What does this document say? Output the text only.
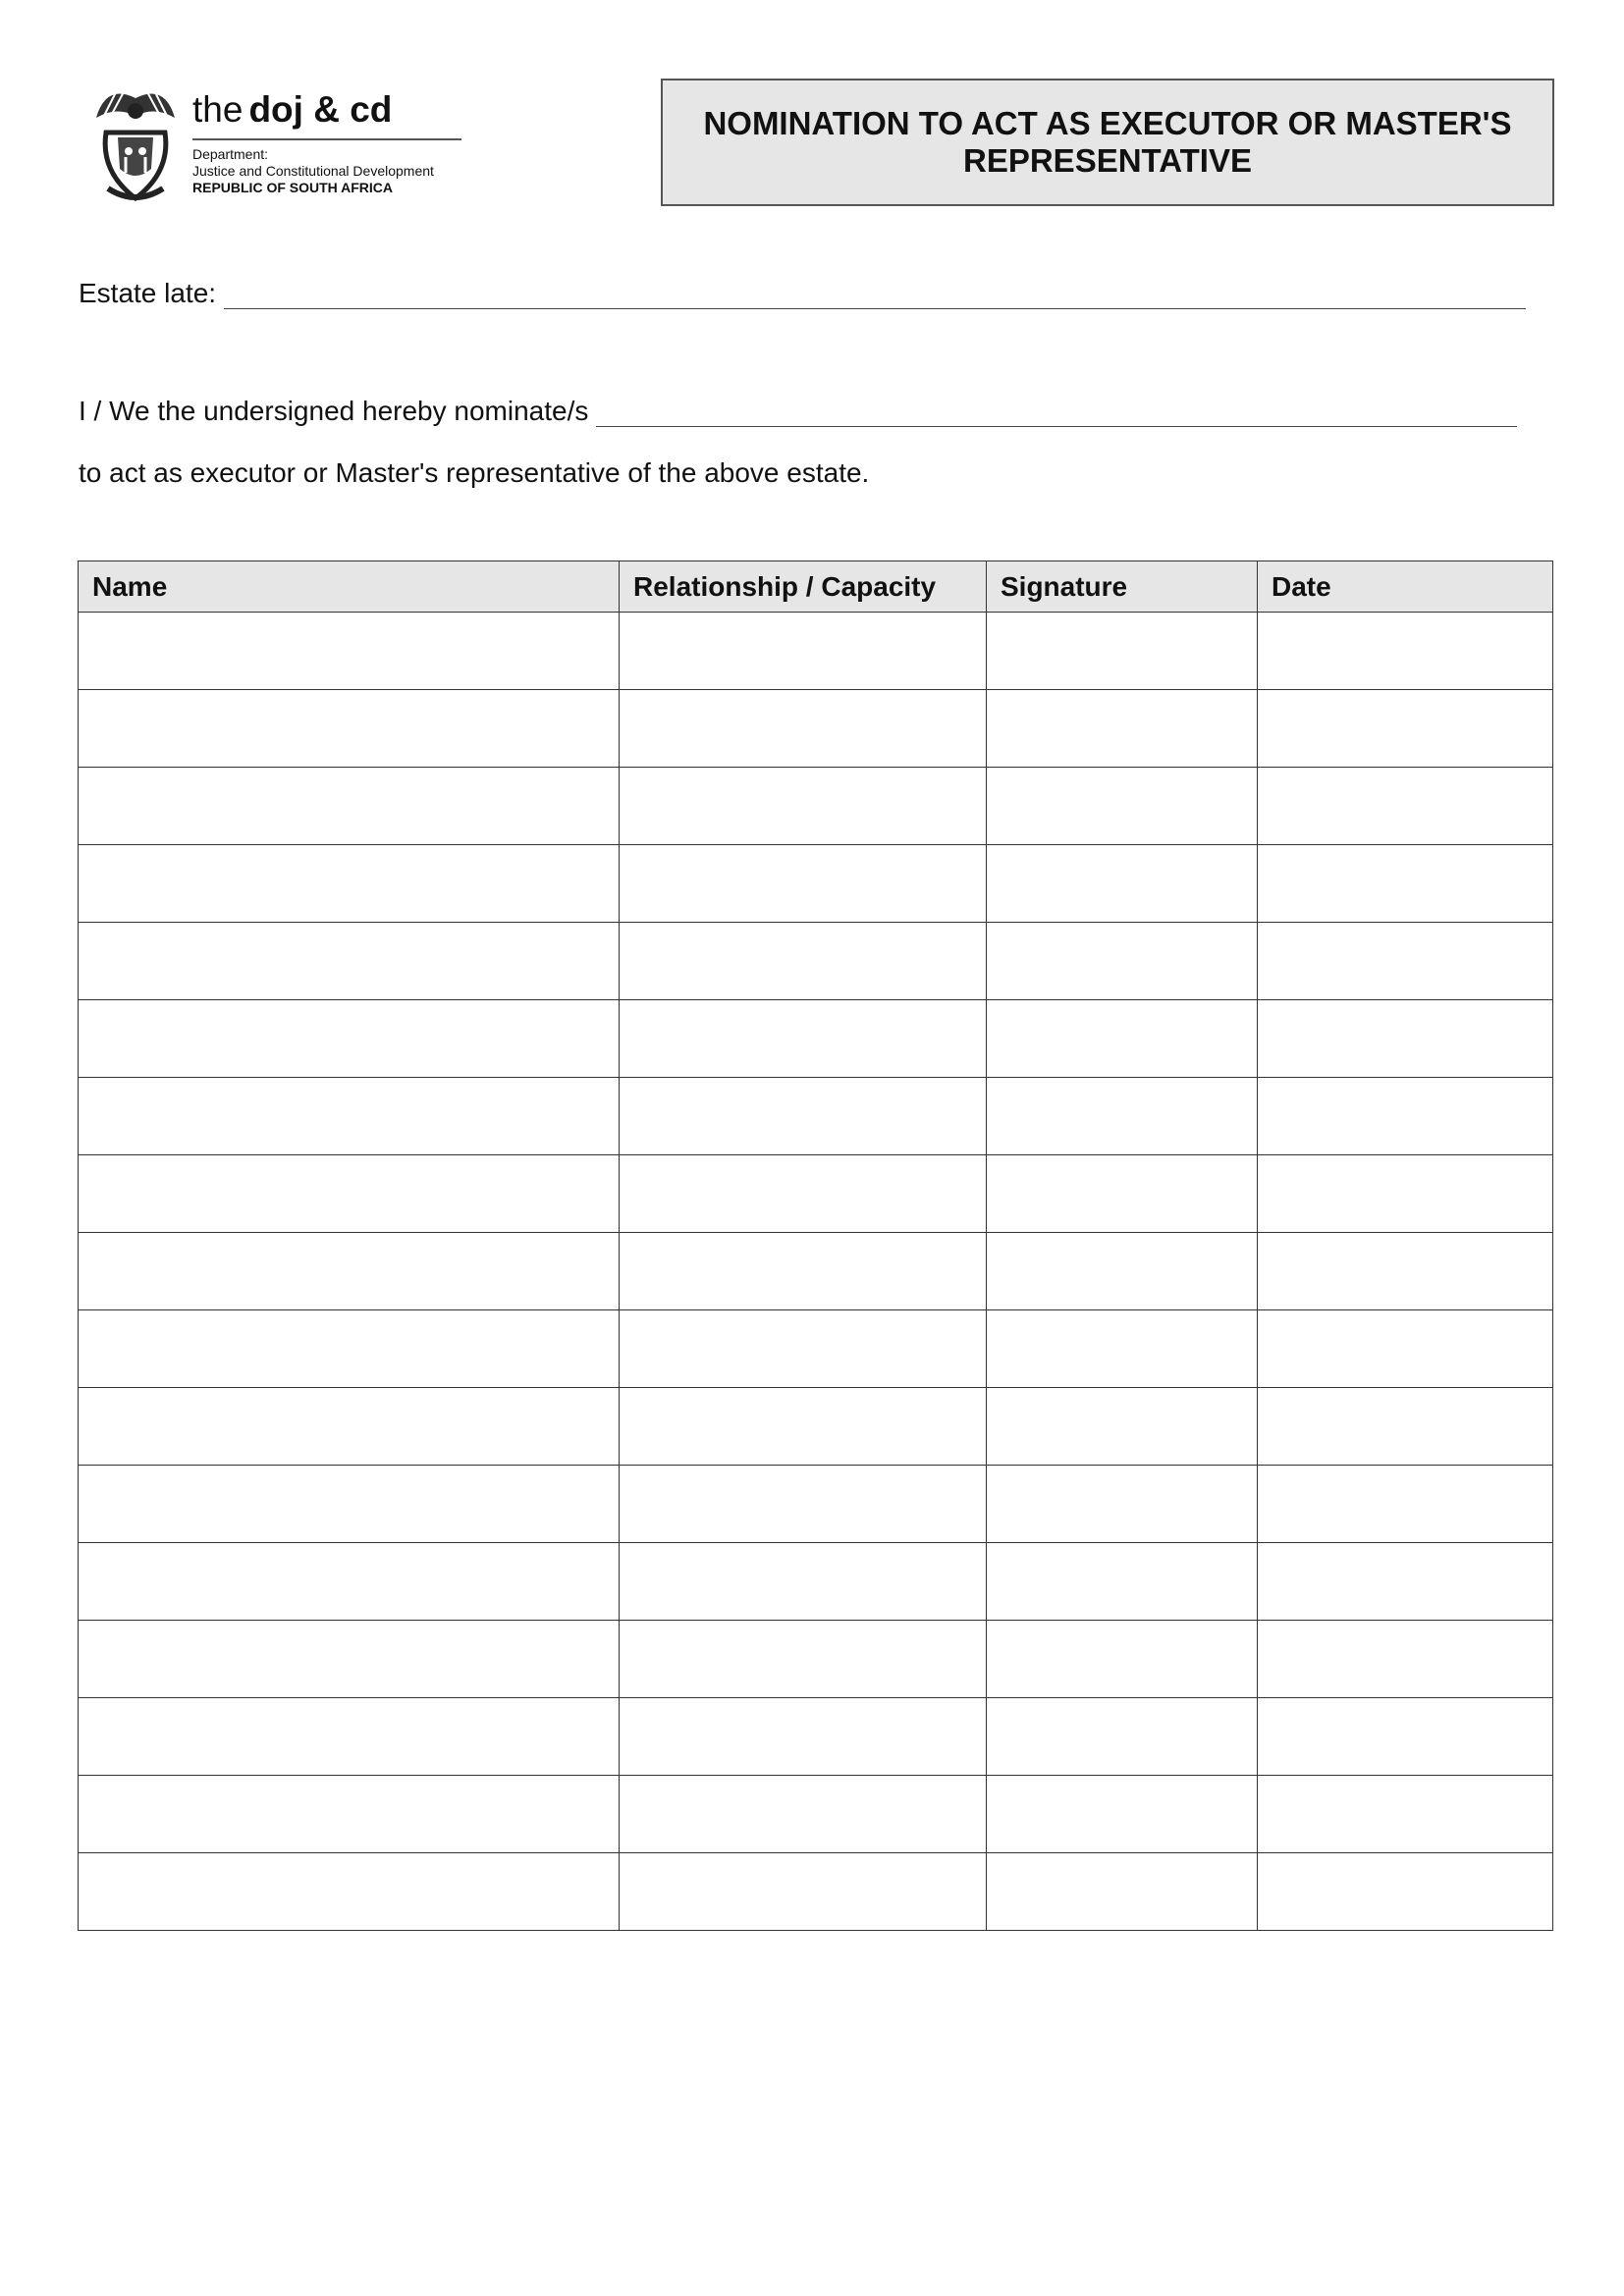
the doj & cd
Department:
Justice and Constitutional Development
REPUBLIC OF SOUTH AFRICA
NOMINATION TO ACT AS EXECUTOR OR MASTER'S REPRESENTATIVE
Estate late:
I / We the undersigned hereby nominate/s
to act as executor or Master's representative of the above estate.
Name	Relationship / Capacity	Signature	Date
